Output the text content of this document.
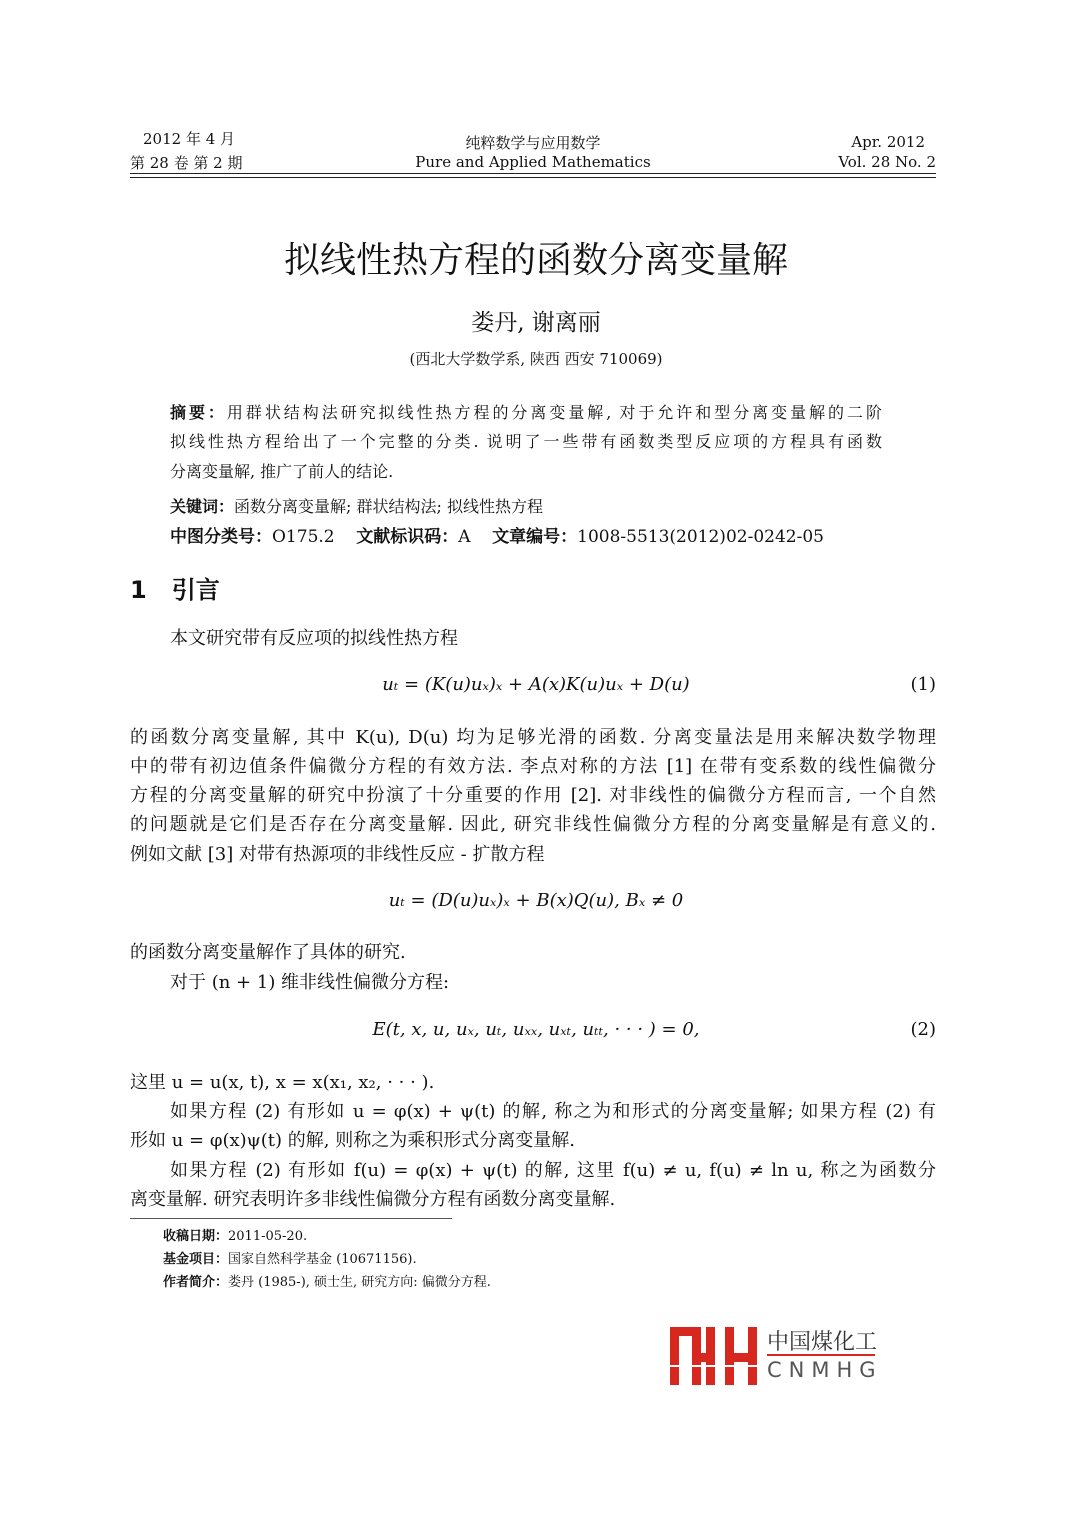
2012 年 4 月
第 28 卷 第 2 期
纯粹数学与应用数学
Pure and Applied Mathematics
Apr. 2012
Vol. 28 No. 2
拟线性热方程的函数分离变量解
娄丹, 谢离丽
(西北大学数学系, 陕西 西安 710069)
摘要：用群状结构法研究拟线性热方程的分离变量解, 对于允许和型分离变量解的二阶
拟线性热方程给出了一个完整的分类. 说明了一些带有函数类型反应项的方程具有函数
分离变量解, 推广了前人的结论.
关键词：函数分离变量解; 群状结构法; 拟线性热方程
中图分类号：O175.2 文献标识码：A 文章编号：1008-5513(2012)02-0242-05
1 引言
本文研究带有反应项的拟线性热方程
uₜ = (K(u)uₓ)ₓ + A(x)K(u)uₓ + D(u)	(1)
的函数分离变量解, 其中 K(u), D(u) 均为足够光滑的函数. 分离变量法是用来解决数学物理
中的带有初边值条件偏微分方程的有效方法. 李点对称的方法 [1] 在带有变系数的线性偏微分
方程的分离变量解的研究中扮演了十分重要的作用 [2]. 对非线性的偏微分方程而言, 一个自然
的问题就是它们是否存在分离变量解. 因此, 研究非线性偏微分方程的分离变量解是有意义的.
例如文献 [3] 对带有热源项的非线性反应 - 扩散方程
uₜ = (D(u)uₓ)ₓ + B(x)Q(u), Bₓ ≠ 0
的函数分离变量解作了具体的研究.
对于 (n + 1) 维非线性偏微分方程:
E(t, x, u, uₓ, uₜ, uₓₓ, uₓₜ, uₜₜ, · · · ) = 0,	(2)
这里 u = u(x, t), x = x(x₁, x₂, · · · ).
如果方程 (2) 有形如 u = φ(x) + ψ(t) 的解, 称之为和形式的分离变量解; 如果方程 (2) 有
形如 u = φ(x)ψ(t) 的解, 则称之为乘积形式分离变量解.
如果方程 (2) 有形如 f(u) = φ(x) + ψ(t) 的解, 这里 f(u) ≠ u, f(u) ≠ ln u, 称之为函数分
离变量解. 研究表明许多非线性偏微分方程有函数分离变量解.
收稿日期：2011-05-20.
基金项目：国家自然科学基金 (10671156).
作者简介：娄丹 (1985-), 硕士生, 研究方向: 偏微分方程.
中国煤化工
CNMHG
